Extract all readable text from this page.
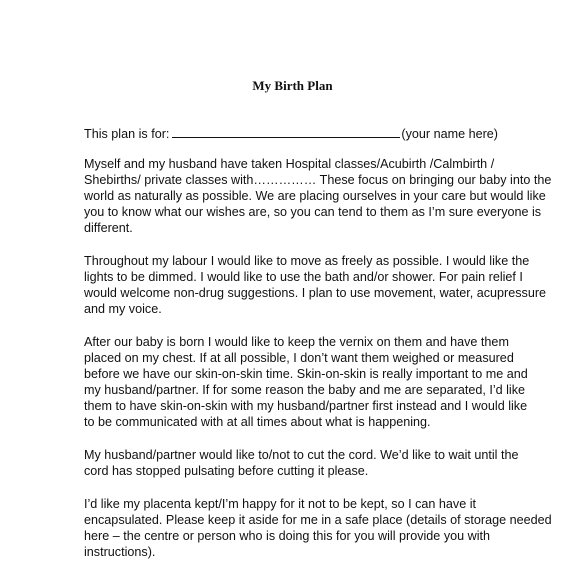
My Birth Plan
This plan is for:	(your name here)
Myself and my husband have taken Hospital classes/Acubirth /Calmbirth /
Shebirths/ private classes with…………… These focus on bringing our baby into the
world as naturally as possible. We are placing ourselves in your care but would like
you to know what our wishes are, so you can tend to them as I’m sure everyone is
different.
Throughout my labour I would like to move as freely as possible. I would like the
lights to be dimmed. I would like to use the bath and/or shower. For pain relief I
would welcome non-drug suggestions. I plan to use movement, water, acupressure
and my voice.
After our baby is born I would like to keep the vernix on them and have them
placed on my chest. If at all possible, I don’t want them weighed or measured
before we have our skin-on-skin time. Skin-on-skin is really important to me and
my husband/partner. If for some reason the baby and me are separated, I’d like
them to have skin-on-skin with my husband/partner first instead and I would like
to be communicated with at all times about what is happening.
My husband/partner would like to/not to cut the cord. We’d like to wait until the
cord has stopped pulsating before cutting it please.
I’d like my placenta kept/I’m happy for it not to be kept, so I can have it
encapsulated. Please keep it aside for me in a safe place (details of storage needed
here – the centre or person who is doing this for you will provide you with
instructions).
